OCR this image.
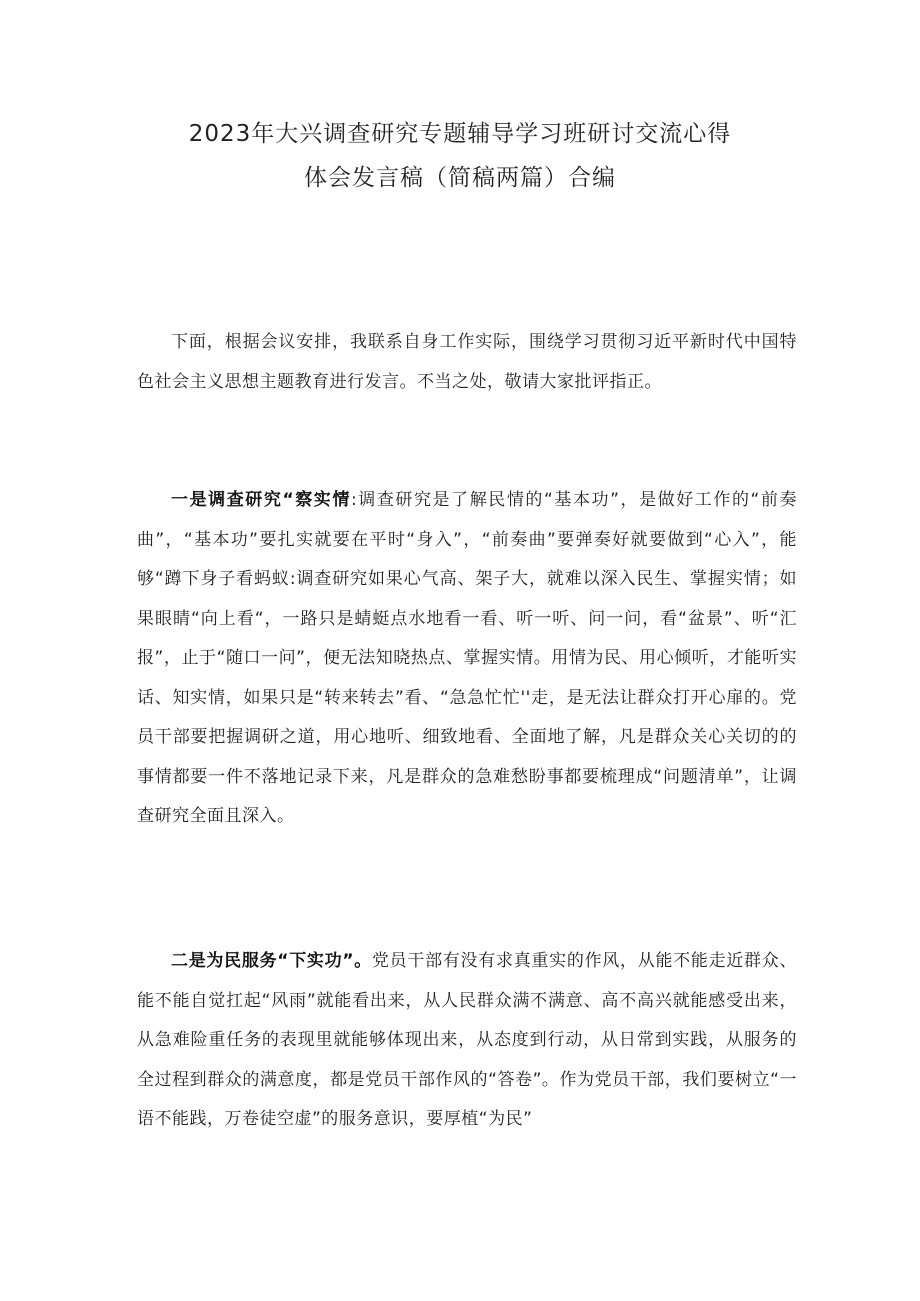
2023年大兴调查研究专题辅导学习班研讨交流心得
体会发言稿（简稿两篇）合编

下面，根据会议安排，我联系自身工作实际，围绕学习贯彻习近平新时代中国特色社会主义思想主题教育进行发言。不当之处，敬请大家批评指正。

一是调查研究“察实情:调查研究是了解民情的“基本功”，是做好工作的“前奏曲”，“基本功”要扎实就要在平时“身入”，“前奏曲”要弹奏好就要做到“心入”，能够“蹲下身子看蚂蚁:调查研究如果心气高、架子大，就难以深入民生、掌握实情；如果眼睛“向上看“，一路只是蜻蜓点水地看一看、听一听、问一问，看“盆景”、听“汇报”，止于“随口一问”，便无法知晓热点、掌握实情。用情为民、用心倾听，才能听实话、知实情，如果只是“转来转去”看、“急急忙忙''走，是无法让群众打开心扉的。党员干部要把握调研之道，用心地听、细致地看、全面地了解，凡是群众关心关切的的事情都要一件不落地记录下来，凡是群众的急难愁盼事都要梳理成“问题清单”，让调查研究全面且深入。

二是为民服务“下实功”。党员干部有没有求真重实的作风，从能不能走近群众、能不能自觉扛起“风雨”就能看出来，从人民群众满不满意、高不高兴就能感受出来，从急难险重任务的表现里就能够体现出来，从态度到行动，从日常到实践，从服务的全过程到群众的满意度，都是党员干部作风的“答卷”。作为党员干部，我们要树立“一语不能践，万卷徒空虚”的服务意识，要厚植“为民”
